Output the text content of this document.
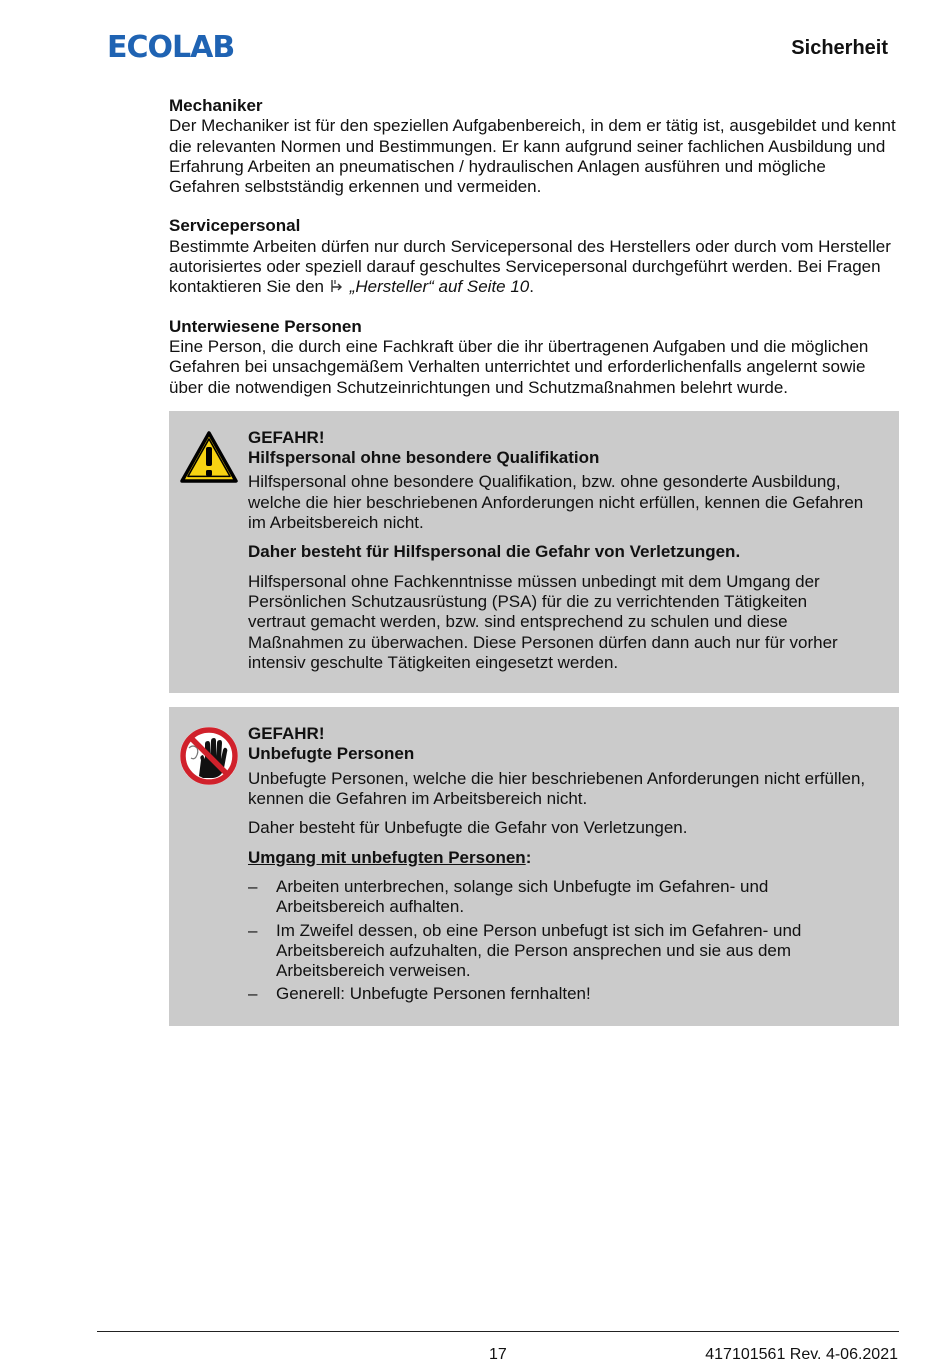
ECOLAB	Sicherheit
Mechaniker
Der Mechaniker ist für den speziellen Aufgabenbereich, in dem er tätig ist, ausgebildet und kennt die relevanten Normen und Bestimmungen. Er kann aufgrund seiner fachlichen Ausbildung und Erfahrung Arbeiten an pneumatischen / hydraulischen Anlagen ausführen und mögliche Gefahren selbstständig erkennen und vermeiden.
Servicepersonal
Bestimmte Arbeiten dürfen nur durch Servicepersonal des Herstellers oder durch vom Hersteller autorisiertes oder speziell darauf geschultes Servicepersonal durchgeführt werden. Bei Fragen kontaktieren Sie den „Hersteller“ auf Seite 10.
Unterwiesene Personen
Eine Person, die durch eine Fachkraft über die ihr übertragenen Aufgaben und die möglichen Gefahren bei unsachgemäßem Verhalten unterrichtet und erforderlichenfalls angelernt sowie über die notwendigen Schutzeinrichtungen und Schutzmaßnahmen belehrt wurde.
GEFAHR!
Hilfspersonal ohne besondere Qualifikation
Hilfspersonal ohne besondere Qualifikation, bzw. ohne gesonderte Ausbildung, welche die hier beschriebenen Anforderungen nicht erfüllen, kennen die Gefahren im Arbeitsbereich nicht.
Daher besteht für Hilfspersonal die Gefahr von Verletzungen.
Hilfspersonal ohne Fachkenntnisse müssen unbedingt mit dem Umgang der Persönlichen Schutzausrüstung (PSA) für die zu verrichtenden Tätigkeiten vertraut gemacht werden, bzw. sind entsprechend zu schulen und diese Maßnahmen zu überwachen. Diese Personen dürfen dann auch nur für vorher intensiv geschulte Tätigkeiten eingesetzt werden.
GEFAHR!
Unbefugte Personen
Unbefugte Personen, welche die hier beschriebenen Anforderungen nicht erfüllen, kennen die Gefahren im Arbeitsbereich nicht.
Daher besteht für Unbefugte die Gefahr von Verletzungen.
Umgang mit unbefugten Personen:
– Arbeiten unterbrechen, solange sich Unbefugte im Gefahren- und Arbeitsbereich aufhalten.
– Im Zweifel dessen, ob eine Person unbefugt ist sich im Gefahren- und Arbeitsbereich aufzuhalten, die Person ansprechen und sie aus dem Arbeitsbereich verweisen.
– Generell: Unbefugte Personen fernhalten!
17	417101561 Rev. 4-06.2021
